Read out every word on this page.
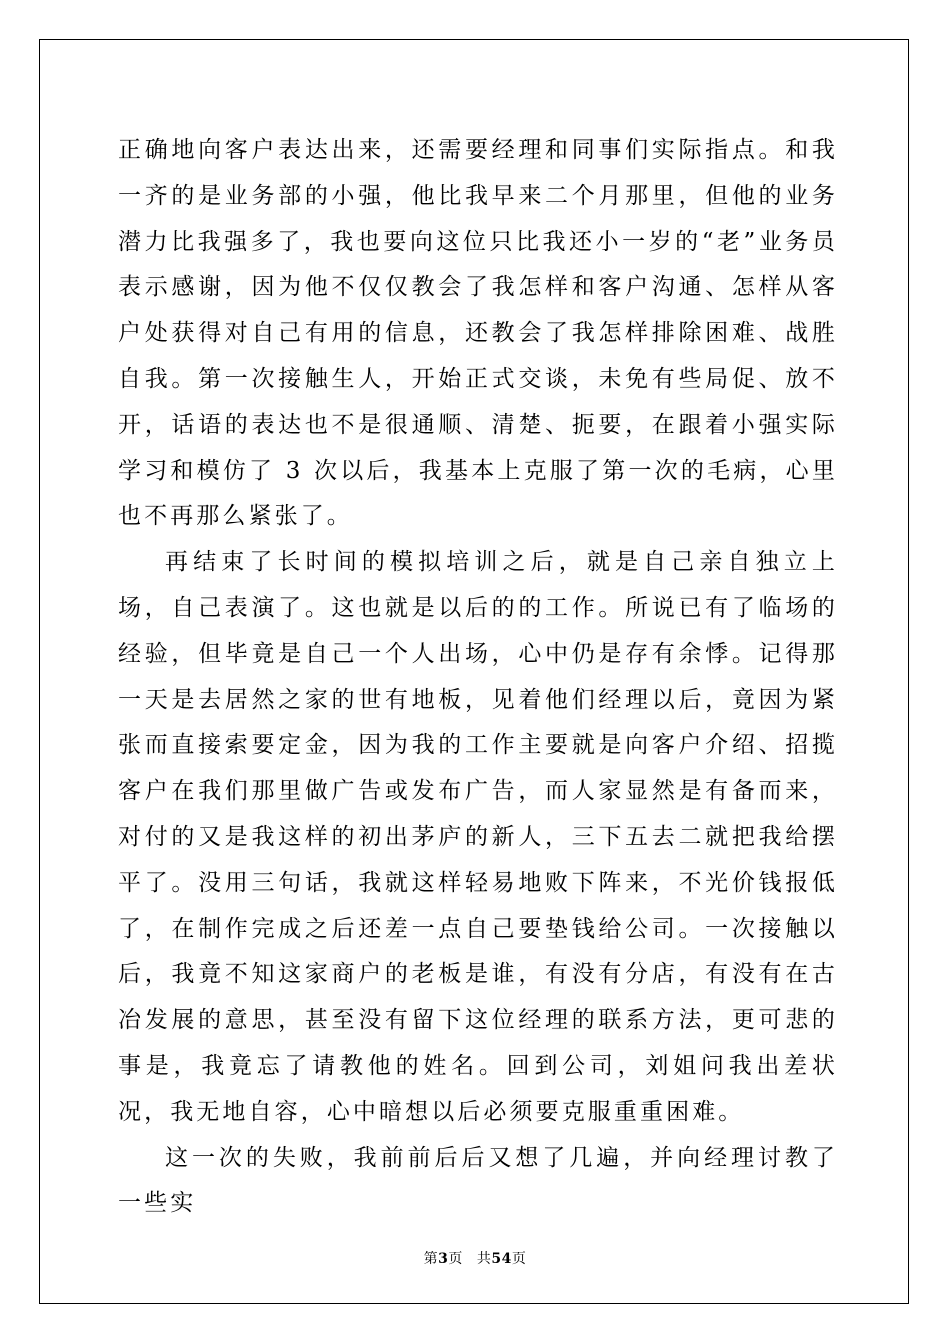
正确地向客户表达出来，还需要经理和同事们实际指点。和我一齐的是业务部的小强，他比我早来二个月那里，但他的业务潜力比我强多了，我也要向这位只比我还小一岁的“老”业务员表示感谢，因为他不仅仅教会了我怎样和客户沟通、怎样从客户处获得对自己有用的信息，还教会了我怎样排除困难、战胜自我。第一次接触生人，开始正式交谈，未免有些局促、放不开，话语的表达也不是很通顺、清楚、扼要，在跟着小强实际学习和模仿了 3 次以后，我基本上克服了第一次的毛病，心里也不再那么紧张了。

再结束了长时间的模拟培训之后，就是自己亲自独立上场，自己表演了。这也就是以后的的工作。所说已有了临场的经验，但毕竟是自己一个人出场，心中仍是存有余悸。记得那一天是去居然之家的世有地板，见着他们经理以后，竟因为紧张而直接索要定金，因为我的工作主要就是向客户介绍、招揽客户在我们那里做广告或发布广告，而人家显然是有备而来，对付的又是我这样的初出茅庐的新人，三下五去二就把我给摆平了。没用三句话，我就这样轻易地败下阵来，不光价钱报低了，在制作完成之后还差一点自己要垫钱给公司。一次接触以后，我竟不知这家商户的老板是谁，有没有分店，有没有在古冶发展的意思，甚至没有留下这位经理的联系方法，更可悲的事是，我竟忘了请教他的姓名。回到公司，刘姐问我出差状况，我无地自容，心中暗想以后必须要克服重重困难。

这一次的失败，我前前后后又想了几遍，并向经理讨教了一些实

第3页 共54页
